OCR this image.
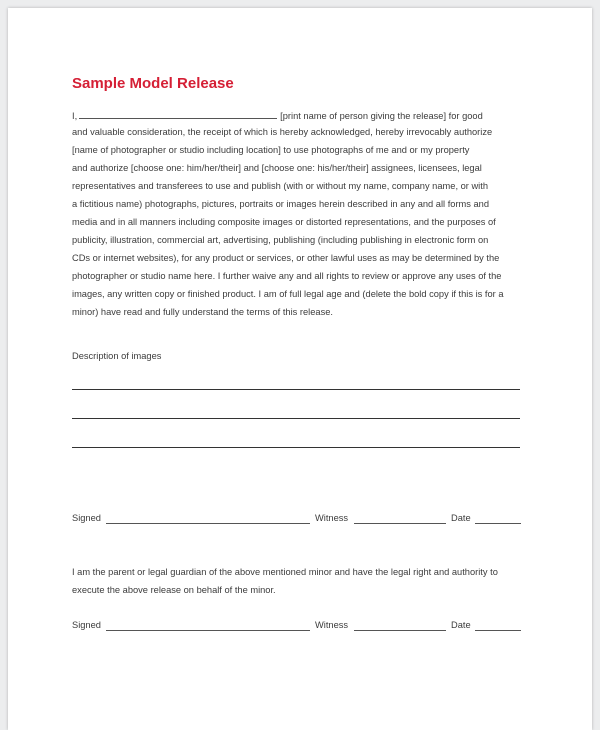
Sample Model Release
I,	[print name of person giving the release] for good
and valuable consideration, the receipt of which is hereby acknowledged, hereby irrevocably authorize
[name of photographer or studio including location] to use photographs of me and or my property
and authorize [choose one: him/her/their] and [choose one: his/her/their] assignees, licensees, legal
representatives and transferees to use and publish (with or without my name, company name, or with
a fictitious name) photographs, pictures, portraits or images herein described in any and all forms and
media and in all manners including composite images or distorted representations, and the purposes of
publicity, illustration, commercial art, advertising, publishing (including publishing in electronic form on
CDs or internet websites), for any product or services, or other lawful uses as may be determined by the
photographer or studio name here. I further waive any and all rights to review or approve any uses of the
images, any written copy or finished product. I am of full legal age and (delete the bold copy if this is for a
minor) have read and fully understand the terms of this release.
Description of images
Signed	Witness	Date
I am the parent or legal guardian of the above mentioned minor and have the legal right and authority to
execute the above release on behalf of the minor.
Signed	Witness	Date
